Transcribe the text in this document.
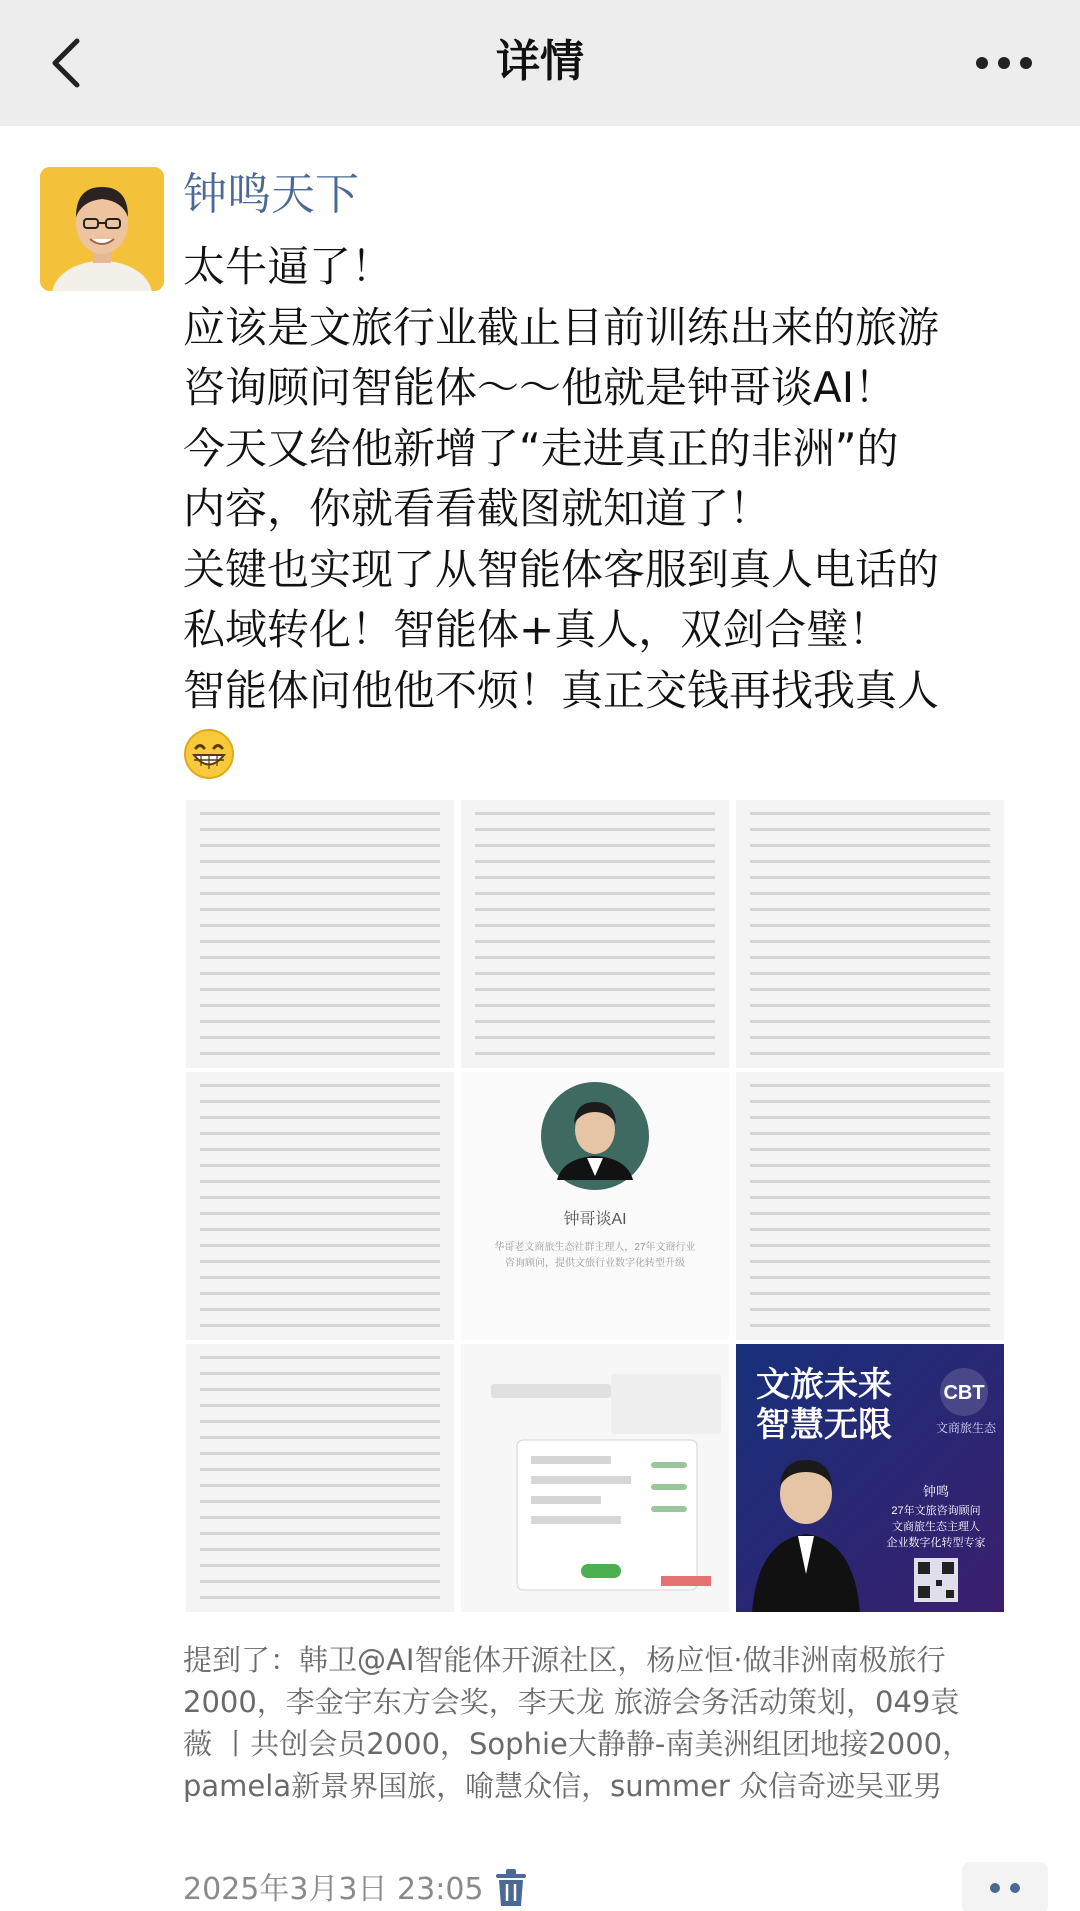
详情
钟鸣天下

太牛逼了！

应该是文旅行业截止目前训练出来的旅游

咨询顾问智能体～～他就是钟哥谈AI！

今天又给他新增了“走进真正的非洲”的

内容，你就看看截图就知道了！

关键也实现了从智能体客服到真人电话的

私域转化！智能体+真人，双剑合璧！

智能体问他他不烦！真正交钱再找我真人

钟哥谈AI
华哥老文商旅生态社群主理人，27年文商行业
咨询顾问，提供文旅行业数字化转型升级
文旅未来
智慧无限
CBT
文商旅生态
钟鸣
27年文旅咨询顾问
文商旅生态主理人
企业数字化转型专家

提到了：韩卫@AI智能体开源社区，杨应恒·做非洲南极旅行

2000，李金宇东方会奖，李天龙 旅游会务活动策划，049袁

薇 丨共创会员2000，Sophie大静静-南美洲组团地接2000，

pamela新景界国旅，喻慧众信，summer 众信奇迹吴亚男

2025年3月3日 23:05
